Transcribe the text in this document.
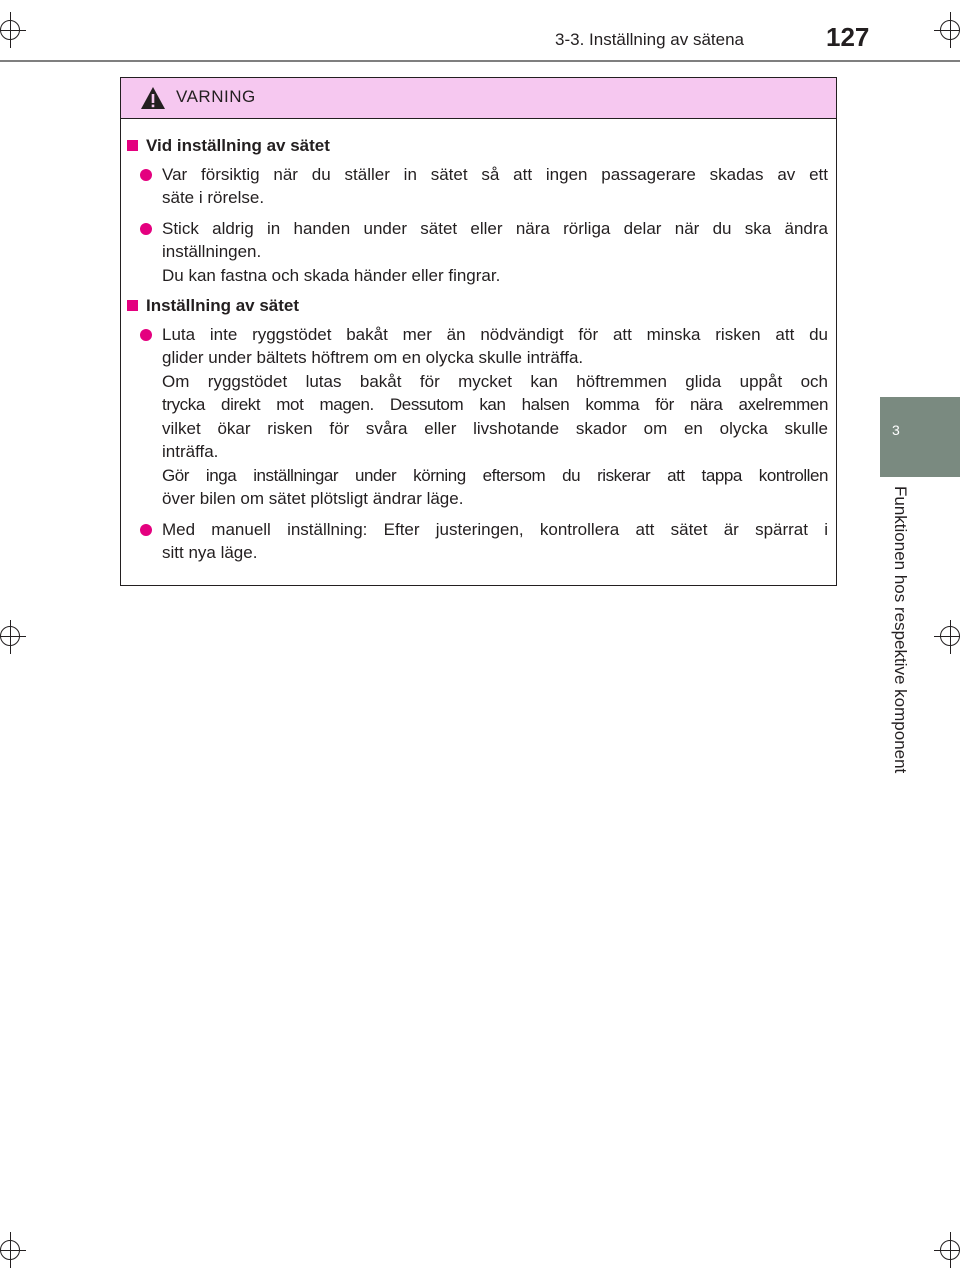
3-3. Inställning av sätena	127
3
Funktionen hos respektive komponent
VARNING
Vid inställning av sätet
Var försiktig när du ställer in sätet så att ingen passagerare skadas av ett
säte i rörelse.
Stick aldrig in handen under sätet eller nära rörliga delar när du ska ändra
inställningen.
Du kan fastna och skada händer eller fingrar.
Inställning av sätet
Luta inte ryggstödet bakåt mer än nödvändigt för att minska risken att du
glider under bältets höftrem om en olycka skulle inträffa.
Om ryggstödet lutas bakåt för mycket kan höftremmen glida uppåt och
trycka direkt mot magen. Dessutom kan halsen komma för nära axelremmen
vilket ökar risken för svåra eller livshotande skador om en olycka skulle
inträffa.
Gör inga inställningar under körning eftersom du riskerar att tappa kontrollen
över bilen om sätet plötsligt ändrar läge.
Med manuell inställning: Efter justeringen, kontrollera att sätet är spärrat i
sitt nya läge.
